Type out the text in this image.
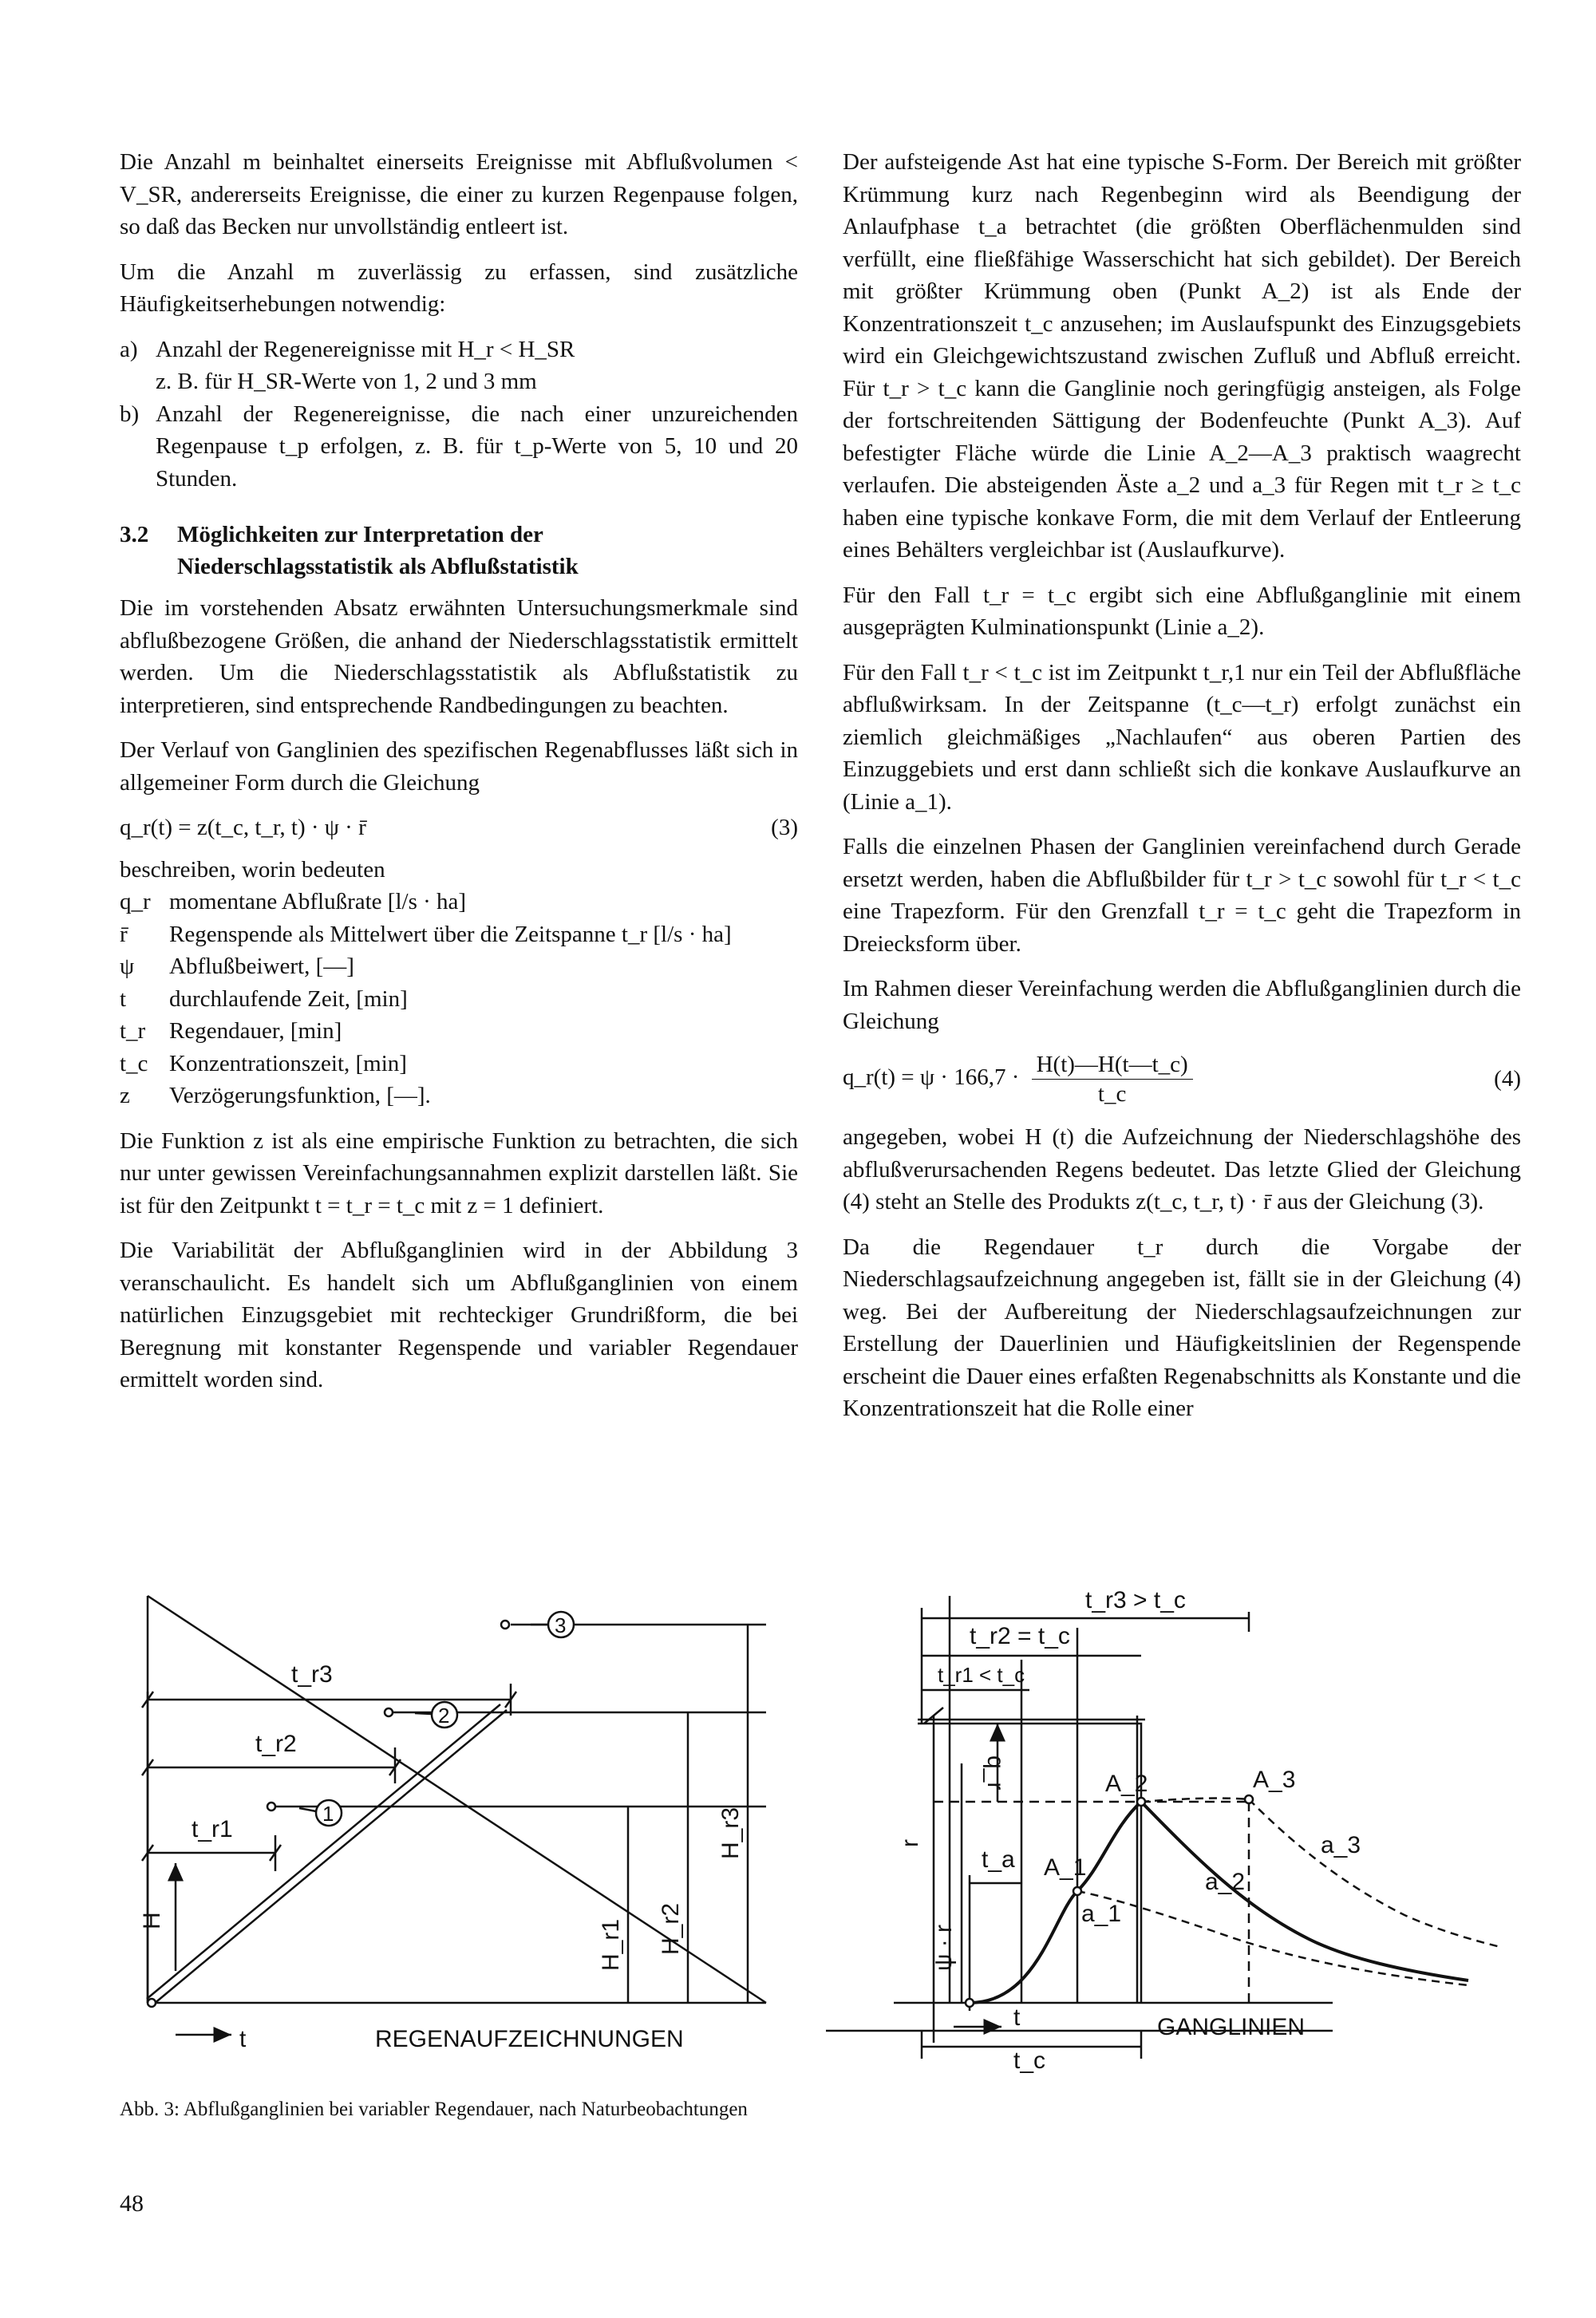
Die Anzahl m beinhaltet einerseits Ereignisse mit Abflußvolumen < V_SR, andererseits Ereignisse, die einer zu kurzen Regenpause folgen, so daß das Becken nur unvollständig entleert ist.

Um die Anzahl m zuverlässig zu erfassen, sind zusätzliche Häufigkeitserhebungen notwendig:

a) Anzahl der Regenereignisse mit H_r < H_SR
z. B. für H_SR-Werte von 1, 2 und 3 mm
b) Anzahl der Regenereignisse, die nach einer unzureichenden Regenpause t_p erfolgen, z. B. für t_p-Werte von 5, 10 und 20 Stunden.
3.2	Möglichkeiten zur Interpretation der
Niederschlagsstatistik als Abflußstatistik

Die im vorstehenden Absatz erwähnten Untersuchungsmerkmale sind abflußbezogene Größen, die anhand der Niederschlagsstatistik ermittelt werden. Um die Niederschlagsstatistik als Abflußstatistik zu interpretieren, sind entsprechende Randbedingungen zu beachten.

Der Verlauf von Ganglinien des spezifischen Regenabflusses läßt sich in allgemeiner Form durch die Gleichung

q_r(t) = z(t_c, t_r, t) · ψ · r̄	(3)

beschreiben, worin bedeuten

q_r momentane Abflußrate [l/s · ha]
r̄	Regenspende als Mittelwert über die Zeitspanne t_r [l/s · ha]
ψ	Abflußbeiwert, [—]
t	durchlaufende Zeit, [min]
t_r	Regendauer, [min]
t_c Konzentrationszeit, [min]
z	Verzögerungsfunktion, [—].

Die Funktion z ist als eine empirische Funktion zu betrachten, die sich nur unter gewissen Vereinfachungsannahmen explizit darstellen läßt. Sie ist für den Zeitpunkt t = t_r = t_c mit z = 1 definiert.

Die Variabilität der Abflußganglinien wird in der Abbildung 3 veranschaulicht. Es handelt sich um Abflußganglinien von einem natürlichen Einzugsgebiet mit rechteckiger Grundrißform, die bei Beregnung mit konstanter Regenspende und variabler Regendauer ermittelt worden sind.

Der aufsteigende Ast hat eine typische S-Form. Der Bereich mit größter Krümmung kurz nach Regenbeginn wird als Beendigung der Anlaufphase t_a betrachtet (die größten Oberflächenmulden sind verfüllt, eine fließfähige Wasserschicht hat sich gebildet). Der Bereich mit größter Krümmung oben (Punkt A_2) ist als Ende der Konzentrationszeit t_c anzusehen; im Auslaufspunkt des Einzugsgebiets wird ein Gleichgewichtszustand zwischen Zufluß und Abfluß erreicht. Für t_r > t_c kann die Ganglinie noch geringfügig ansteigen, als Folge der fortschreitenden Sättigung der Bodenfeuchte (Punkt A_3). Auf befestigter Fläche würde die Linie A_2—A_3 praktisch waagrecht verlaufen. Die absteigenden Äste a_2 und a_3 für Regen mit t_r ≥ t_c haben eine typische konkave Form, die mit dem Verlauf der Entleerung eines Behälters vergleichbar ist (Auslaufkurve).

Für den Fall t_r = t_c ergibt sich eine Abflußganglinie mit einem ausgeprägten Kulminationspunkt (Linie a_2).

Für den Fall t_r < t_c ist im Zeitpunkt t_r,1 nur ein Teil der Abflußfläche abflußwirksam. In der Zeitspanne (t_c—t_r) erfolgt zunächst ein ziemlich gleichmäßiges „Nachlaufen“ aus oberen Partien des Einzuggebiets und erst dann schließt sich die konkave Auslaufkurve an (Linie a_1).

Falls die einzelnen Phasen der Ganglinien vereinfachend durch Gerade ersetzt werden, haben die Abflußbilder für t_r > t_c sowohl für t_r < t_c eine Trapezform. Für den Grenzfall t_r = t_c geht die Trapezform in Dreiecksform über.

Im Rahmen dieser Vereinfachung werden die Abflußganglinien durch die Gleichung

q_r(t) = $\psi \cdot 166,7 \cdot \frac{H(t)—H(t—t\_c)}{t\_c}$	(4)

angegeben, wobei H (t) die Aufzeichnung der Niederschlagshöhe des abflußverursachenden Regens bedeutet. Das letzte Glied der Gleichung (4) steht an Stelle des Produkts z(t_c, t_r, t) · r̄ aus der Gleichung (3).

Da die Regendauer t_r durch die Vorgabe der Niederschlagsaufzeichnung angegeben ist, fällt sie in der Gleichung (4) weg. Bei der Aufbereitung der Niederschlagsaufzeichnungen zur Erstellung der Dauerlinien und Häufigkeitslinien der Regenspende erscheint die Dauer eines erfaßten Regenabschnitts als Konstante und die Konzentrationszeit hat die Rolle einer

REGENAUFZEICHNUNGEN
t
H
t_r3
t_r2
t_r1	H_r3
H_r2
H_r1
1
2
3
GANGLINIEN
t
t_c
t_a
r
q_r
ψ · r
t_r3 > t_c
t_r2 = t_c
t_r1 < t_c
A_1
A_2	A_3
a_1
a_2
a_3
Abb. 3: Abflußganglinien bei variabler Regendauer, nach Naturbeobachtungen
48
